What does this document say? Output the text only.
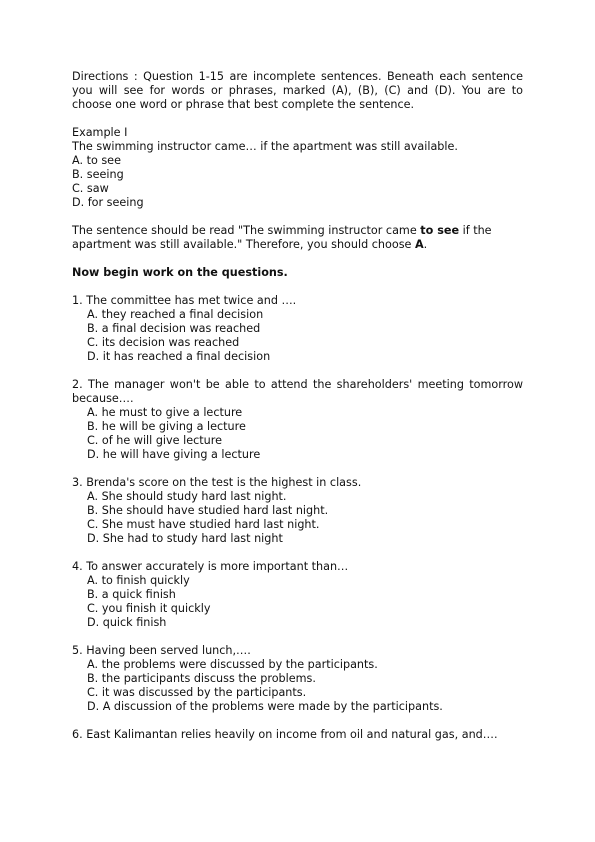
Directions : Question 1-15 are incomplete sentences. Beneath each sentence you will see for words or phrases, marked (A), (B), (C) and (D). You are to choose one word or phrase that best complete the sentence.
Example I
The swimming instructor came… if the apartment was still available.
A. to see
B. seeing
C. saw
D. for seeing
The sentence should be read "The swimming instructor came to see if the apartment was still available." Therefore, you should choose A.
Now begin work on the questions.
1. The committee has met twice and ….
A. they reached a final decision
B. a final decision was reached
C. its decision was reached
D. it has reached a final decision
2. The manager won't be able to attend the shareholders' meeting tomorrow because….
A. he must to give a lecture
B. he will be giving a lecture
C. of he will give lecture
D. he will have giving a lecture
3. Brenda's score on the test is the highest in class.
A. She should study hard last night.
B. She should have studied hard last night.
C. She must have studied hard last night.
D. She had to study hard last night
4. To answer accurately is more important than…
A. to finish quickly
B. a quick finish
C. you finish it quickly
D. quick finish
5. Having been served lunch,….
A. the problems were discussed by the participants.
B. the participants discuss the problems.
C. it was discussed by the participants.
D. A discussion of the problems were made by the participants.
6. East Kalimantan relies heavily on income from oil and natural gas, and….
